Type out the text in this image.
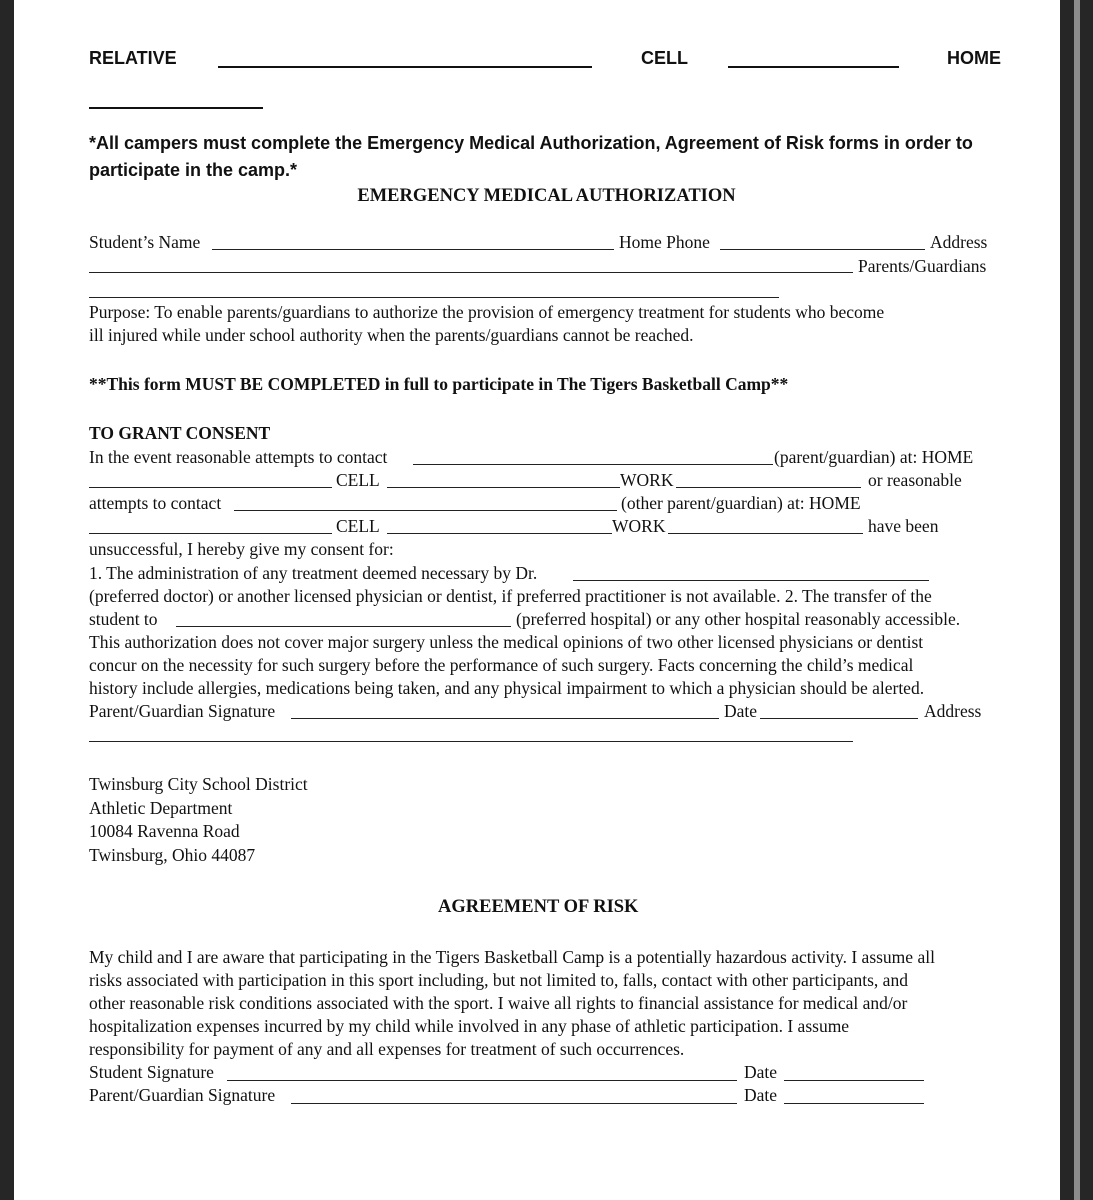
RELATIVE	CELL	HOME
*All campers must complete the Emergency Medical Authorization, Agreement of Risk forms in order to
participate in the camp.*
EMERGENCY MEDICAL AUTHORIZATION
Student’s Name	Home Phone	Address
Parents/Guardians
Purpose: To enable parents/guardians to authorize the provision of emergency treatment for students who become
ill injured while under school authority when the parents/guardians cannot be reached.
**This form MUST BE COMPLETED in full to participate in The Tigers Basketball Camp**
TO GRANT CONSENT
In the event reasonable attempts to contact	(parent/guardian) at: HOME
CELL	WORK	or reasonable
attempts to contact	(other parent/guardian) at: HOME
CELL	WORK	have been
unsuccessful, I hereby give my consent for:
1. The administration of any treatment deemed necessary by Dr.
(preferred doctor) or another licensed physician or dentist, if preferred practitioner is not available. 2. The transfer of the
student to	(preferred hospital) or any other hospital reasonably accessible.
This authorization does not cover major surgery unless the medical opinions of two other licensed physicians or dentist
concur on the necessity for such surgery before the performance of such surgery. Facts concerning the child’s medical
history include allergies, medications being taken, and any physical impairment to which a physician should be alerted.
Parent/Guardian Signature	Date	Address
Twinsburg City School District
Athletic Department
10084 Ravenna Road
Twinsburg, Ohio 44087
AGREEMENT OF RISK
My child and I are aware that participating in the Tigers Basketball Camp is a potentially hazardous activity. I assume all
risks associated with participation in this sport including, but not limited to, falls, contact with other participants, and
other reasonable risk conditions associated with the sport. I waive all rights to financial assistance for medical and/or
hospitalization expenses incurred by my child while involved in any phase of athletic participation. I assume
responsibility for payment of any and all expenses for treatment of such occurrences.
Student Signature	Date
Parent/Guardian Signature	Date
